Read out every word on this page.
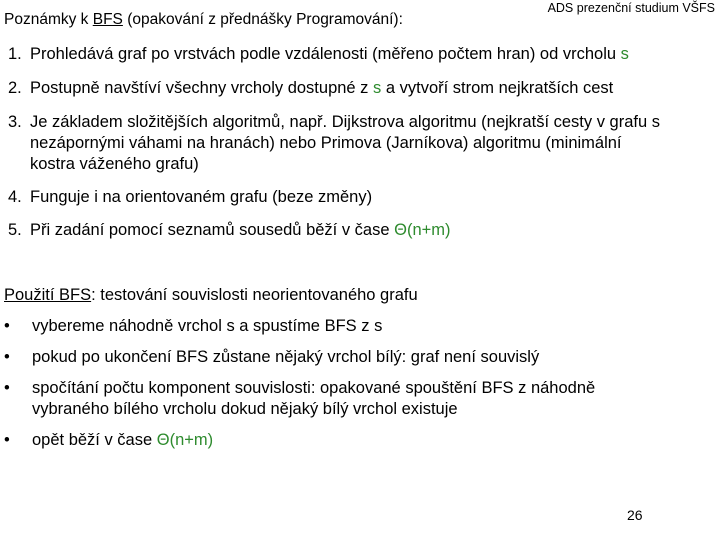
Poznámky k BFS (opakování z přednášky Programování):
ADS prezenční studium VŠFS
1. Prohledává graf po vrstvách podle vzdálenosti (měřeno počtem hran) od vrcholu s
2. Postupně navštíví všechny vrcholy dostupné z s a vytvoří strom nejkratších cest
3. Je základem složitějších algoritmů, např. Dijkstrova algoritmu (nejkratší cesty v grafu s
nezápornými váhami na hranách) nebo Primova (Jarníkova) algoritmu (minimální
kostra váženého grafu)
4. Funguje i na orientovaném grafu (beze změny)
5. Při zadání pomocí seznamů sousedů běží v čase Θ(n+m)
Použití BFS: testování souvislosti neorientovaného grafu
•	vybereme náhodně vrchol s a spustíme BFS z s
•	pokud po ukončení BFS zůstane nějaký vrchol bílý: graf není souvislý
•	spočítání počtu komponent souvislosti: opakované spouštění BFS z náhodně
vybraného bílého vrcholu dokud nějaký bílý vrchol existuje
•	opět běží v čase Θ(n+m)
26
